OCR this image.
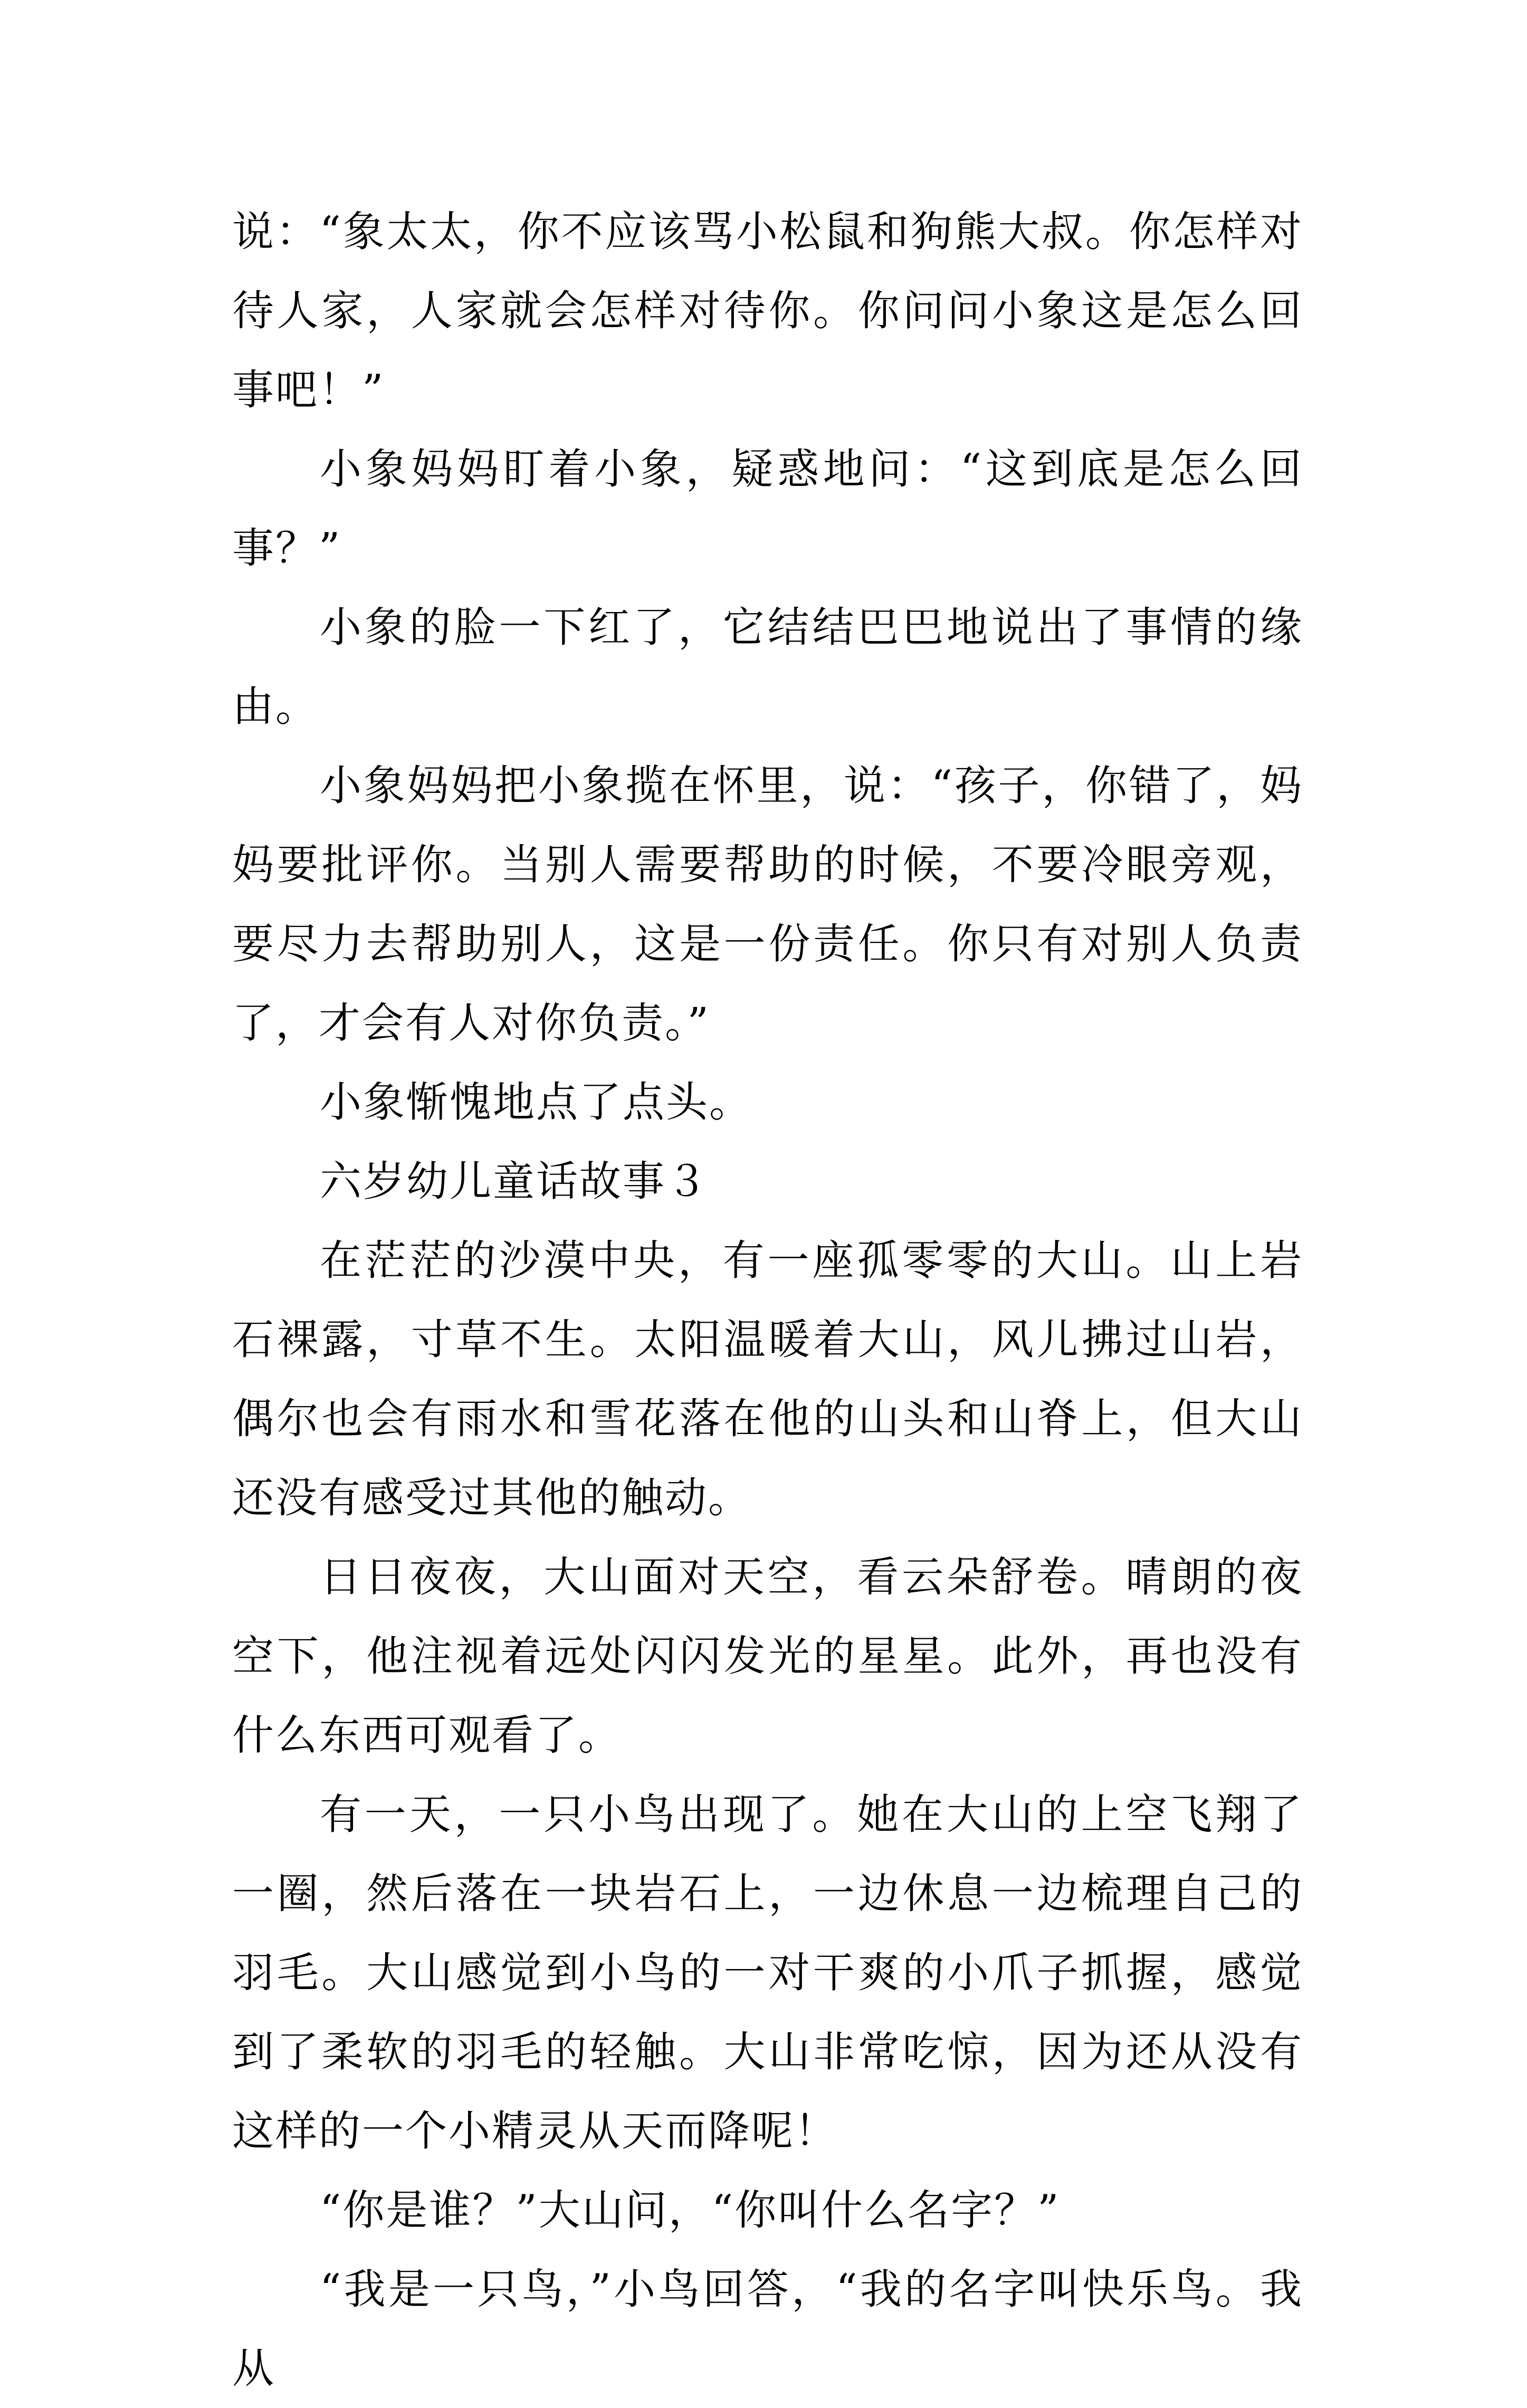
说：“象太太，你不应该骂小松鼠和狗熊大叔。你怎样对待人家，人家就会怎样对待你。你问问小象这是怎么回事吧！”

小象妈妈盯着小象，疑惑地问：“这到底是怎么回事？”

小象的脸一下红了，它结结巴巴地说出了事情的缘由。

小象妈妈把小象揽在怀里，说：“孩子，你错了，妈妈要批评你。当别人需要帮助的时候，不要冷眼旁观，要尽力去帮助别人，这是一份责任。你只有对别人负责了，才会有人对你负责。”

小象惭愧地点了点头。

六岁幼儿童话故事３

在茫茫的沙漠中央，有一座孤零零的大山。山上岩石裸露，寸草不生。太阳温暖着大山，风儿拂过山岩，偶尔也会有雨水和雪花落在他的山头和山脊上，但大山还没有感受过其他的触动。

日日夜夜，大山面对天空，看云朵舒卷。晴朗的夜空下，他注视着远处闪闪发光的星星。此外，再也没有什么东西可观看了。

有一天，一只小鸟出现了。她在大山的上空飞翔了一圈，然后落在一块岩石上，一边休息一边梳理自己的羽毛。大山感觉到小鸟的一对干爽的小爪子抓握，感觉到了柔软的羽毛的轻触。大山非常吃惊，因为还从没有这样的一个小精灵从天而降呢！

“你是谁？”大山问，“你叫什么名字？”

“我是一只鸟，”小鸟回答，“我的名字叫快乐鸟。我从
